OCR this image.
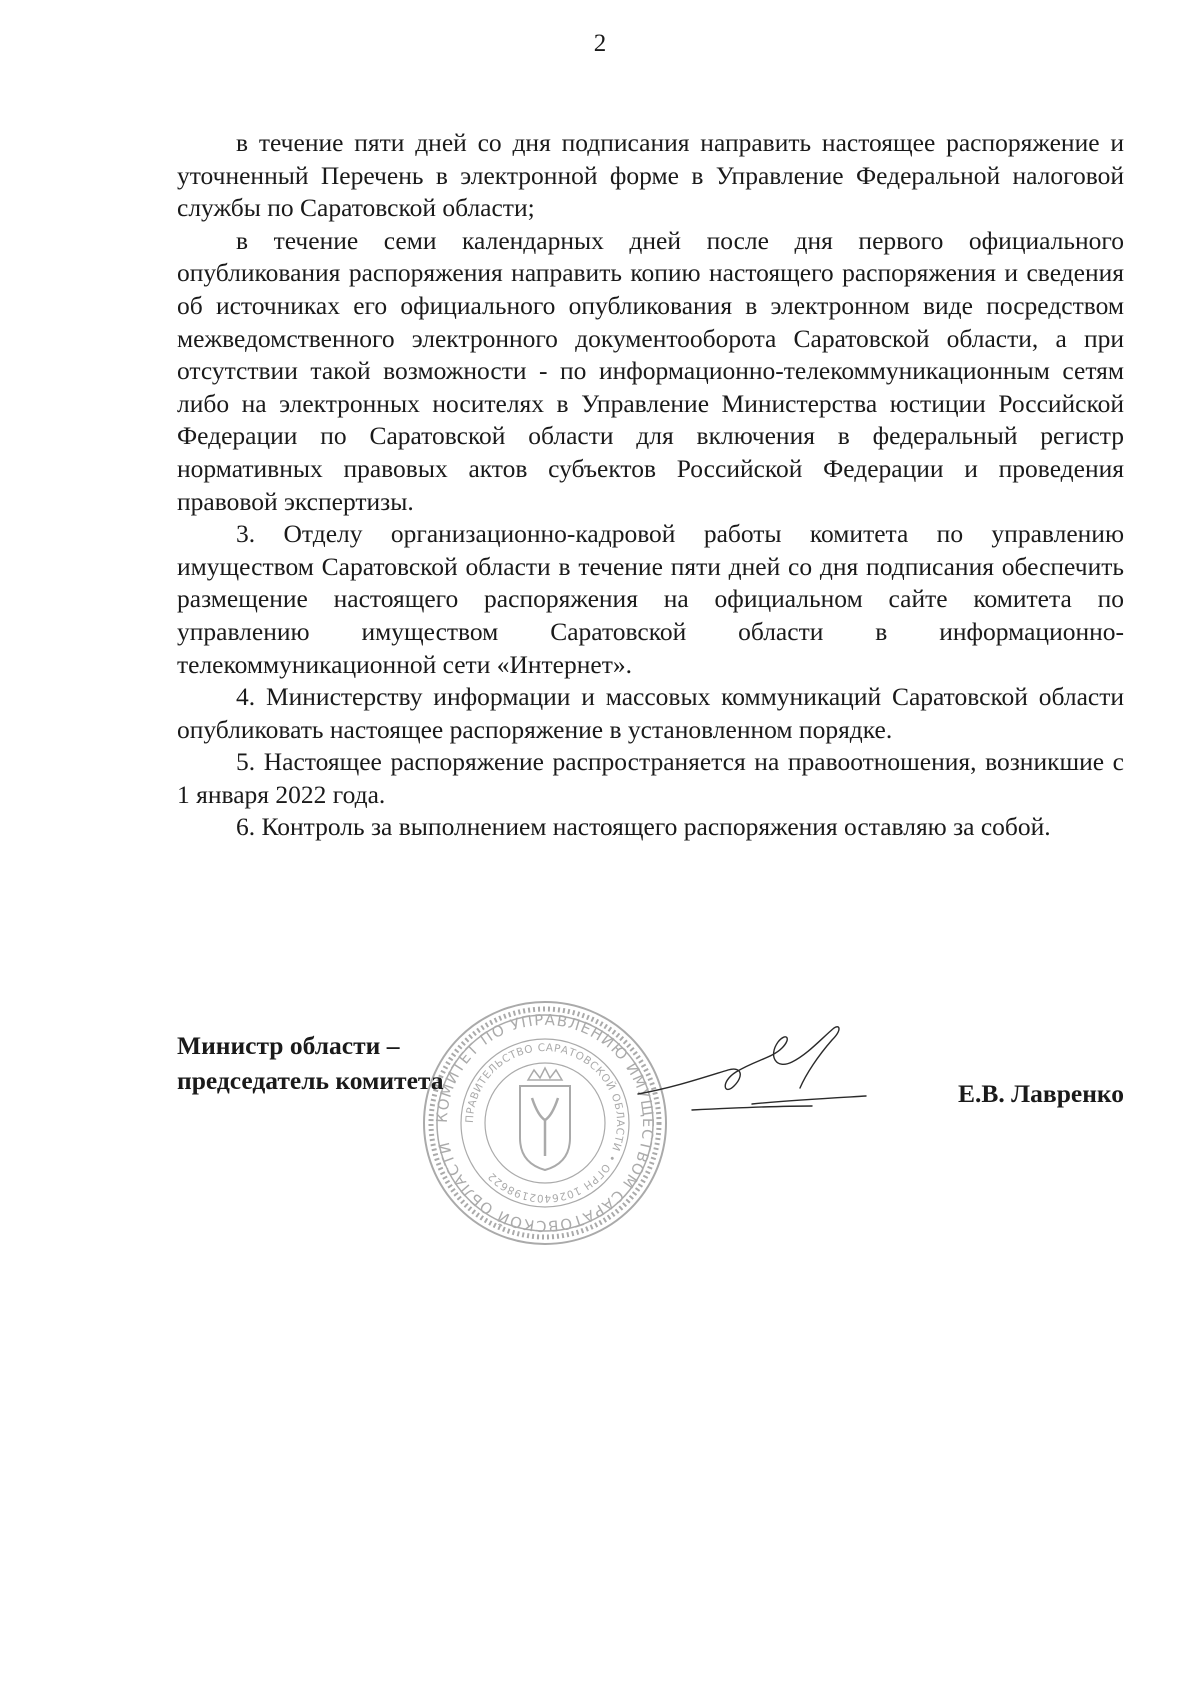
2

в течение пяти дней со дня подписания направить настоящее распоряжение и уточненный Перечень в электронной форме в Управление Федеральной налоговой службы по Саратовской области;

в течение семи календарных дней после дня первого официального опубликования распоряжения направить копию настоящего распоряжения и сведения об источниках его официального опубликования в электронном виде посредством межведомственного электронного документооборота Саратовской области, а при отсутствии такой возможности - по информационно-телекоммуникационным сетям либо на электронных носителях в Управление Министерства юстиции Российской Федерации по Саратовской области для включения в федеральный регистр нормативных правовых актов субъектов Российской Федерации и проведения правовой экспертизы.

3. Отделу организационно-кадровой работы комитета по управлению имуществом Саратовской области в течение пяти дней со дня подписания обеспечить размещение настоящего распоряжения на официальном сайте комитета по управлению имуществом Саратовской области в информационно-телекоммуникационной сети «Интернет».

4. Министерству информации и массовых коммуникаций Саратовской области опубликовать настоящее распоряжение в установленном порядке.

5. Настоящее распоряжение распространяется на правоотношения, возникшие с 1 января 2022 года.

6. Контроль за выполнением настоящего распоряжения оставляю за собой.

Министр области –
председатель комитета
КОМИТЕТ ПО УПРАВЛЕНИЮ ИМУЩЕСТВОМ САРАТОВСКОЙ ОБЛАСТИ
ПРАВИТЕЛЬСТВО САРАТОВСКОЙ ОБЛАСТИ • ОГРН 1026402198622
Е.В. Лавренко
